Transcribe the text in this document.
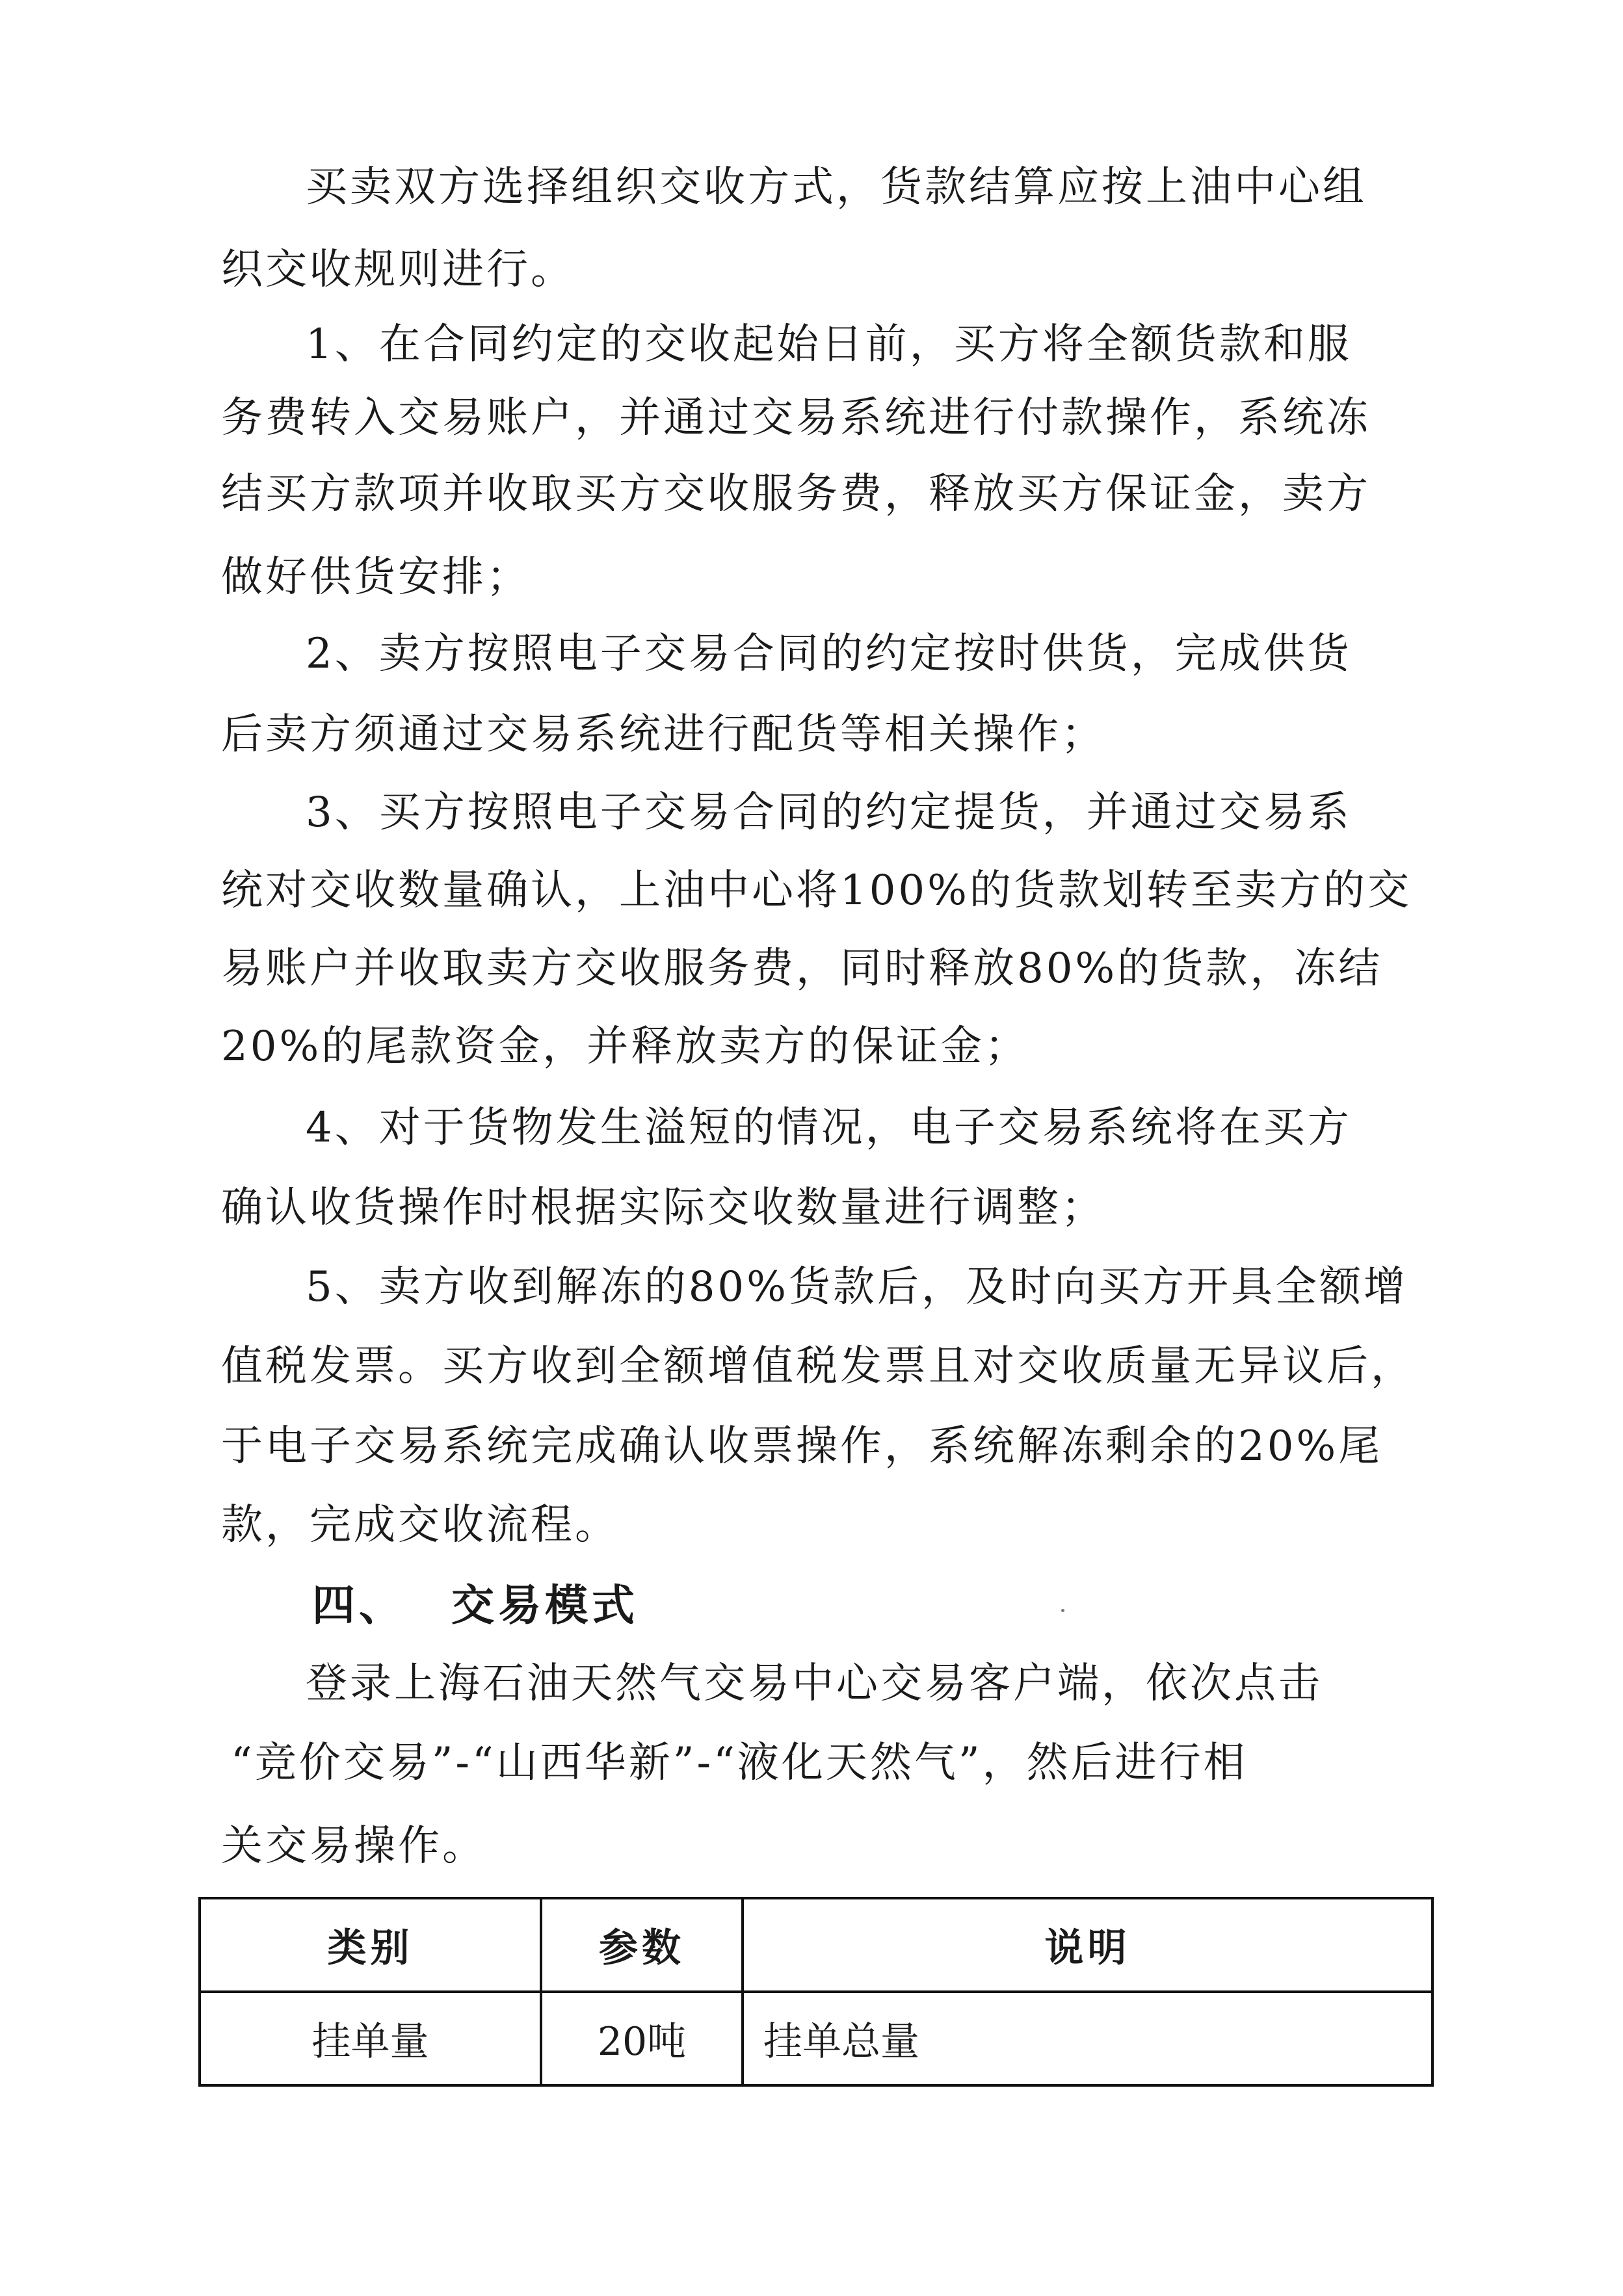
买卖双方选择组织交收方式，货款结算应按上油中心组
织交收规则进行。
1、在合同约定的交收起始日前，买方将全额货款和服
务费转入交易账户，并通过交易系统进行付款操作，系统冻
结买方款项并收取买方交收服务费，释放买方保证金，卖方
做好供货安排；
2、卖方按照电子交易合同的约定按时供货，完成供货
后卖方须通过交易系统进行配货等相关操作；
3、买方按照电子交易合同的约定提货，并通过交易系
统对交收数量确认，上油中心将100%的货款划转至卖方的交
易账户并收取卖方交收服务费，同时释放80%的货款，冻结
20%的尾款资金，并释放卖方的保证金；
4、对于货物发生溢短的情况，电子交易系统将在买方
确认收货操作时根据实际交收数量进行调整；
5、卖方收到解冻的80%货款后，及时向买方开具全额增
值税发票。买方收到全额增值税发票且对交收质量无异议后，
于电子交易系统完成确认收票操作，系统解冻剩余的20%尾
款，完成交收流程。
四、 交易模式
登录上海石油天然气交易中心交易客户端，依次点击
“竞价交易”-“山西华新”-“液化天然气”，然后进行相
关交易操作。
类别	参数	说明
挂单量	20吨	挂单总量
